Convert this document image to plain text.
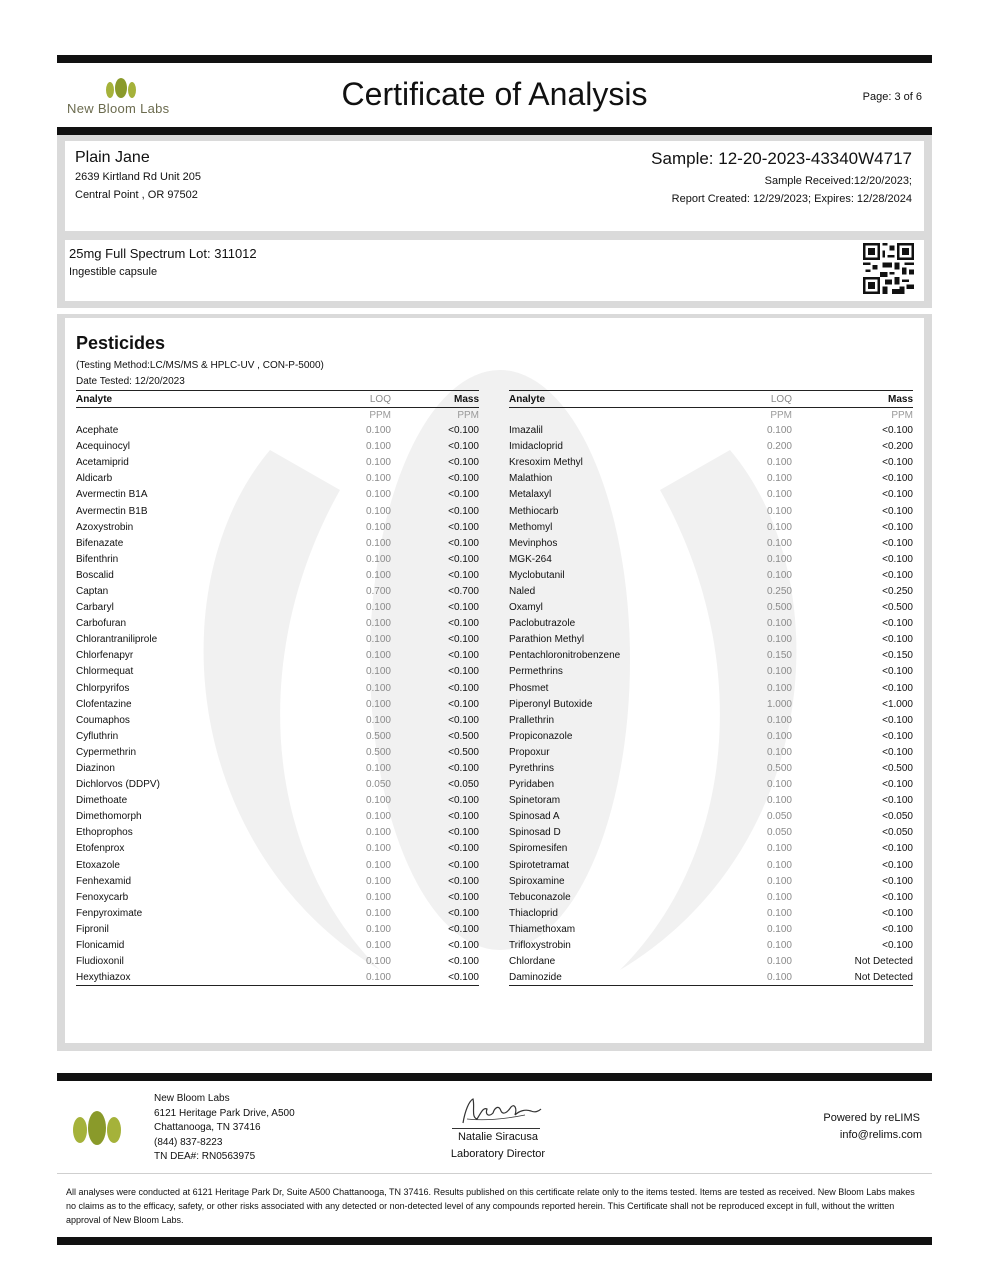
New Bloom Labs	Certificate of Analysis	Page: 3 of 6
Plain Jane
2639 Kirtland Rd Unit 205
Central Point , OR 97502
Sample: 12-20-2023-43340W4717
Sample Received:12/20/2023;
Report Created: 12/29/2023; Expires: 12/28/2024
25mg Full Spectrum Lot: 311012
Ingestible capsule
Pesticides
(Testing Method:LC/MS/MS & HPLC-UV , CON-P-5000)
Date Tested: 12/20/2023
Analyte	LOQ	Mass
	PPM	PPM
Acephate	0.100	<0.100
Acequinocyl	0.100	<0.100
Acetamiprid	0.100	<0.100
Aldicarb	0.100	<0.100
Avermectin B1A	0.100	<0.100
Avermectin B1B	0.100	<0.100
Azoxystrobin	0.100	<0.100
Bifenazate	0.100	<0.100
Bifenthrin	0.100	<0.100
Boscalid	0.100	<0.100
Captan	0.700	<0.700
Carbaryl	0.100	<0.100
Carbofuran	0.100	<0.100
Chlorantraniliprole	0.100	<0.100
Chlorfenapyr	0.100	<0.100
Chlormequat	0.100	<0.100
Chlorpyrifos	0.100	<0.100
Clofentazine	0.100	<0.100
Coumaphos	0.100	<0.100
Cyfluthrin	0.500	<0.500
Cypermethrin	0.500	<0.500
Diazinon	0.100	<0.100
Dichlorvos (DDPV)	0.050	<0.050
Dimethoate	0.100	<0.100
Dimethomorph	0.100	<0.100
Ethoprophos	0.100	<0.100
Etofenprox	0.100	<0.100
Etoxazole	0.100	<0.100
Fenhexamid	0.100	<0.100
Fenoxycarb	0.100	<0.100
Fenpyroximate	0.100	<0.100
Fipronil	0.100	<0.100
Flonicamid	0.100	<0.100
Fludioxonil	0.100	<0.100
Hexythiazox	0.100	<0.100
Analyte	LOQ	Mass
	PPM	PPM
Imazalil	0.100	<0.100
Imidacloprid	0.200	<0.200
Kresoxim Methyl	0.100	<0.100
Malathion	0.100	<0.100
Metalaxyl	0.100	<0.100
Methiocarb	0.100	<0.100
Methomyl	0.100	<0.100
Mevinphos	0.100	<0.100
MGK-264	0.100	<0.100
Myclobutanil	0.100	<0.100
Naled	0.250	<0.250
Oxamyl	0.500	<0.500
Paclobutrazole	0.100	<0.100
Parathion Methyl	0.100	<0.100
Pentachloronitrobenzene	0.150	<0.150
Permethrins	0.100	<0.100
Phosmet	0.100	<0.100
Piperonyl Butoxide	1.000	<1.000
Prallethrin	0.100	<0.100
Propiconazole	0.100	<0.100
Propoxur	0.100	<0.100
Pyrethrins	0.500	<0.500
Pyridaben	0.100	<0.100
Spinetoram	0.100	<0.100
Spinosad A	0.050	<0.050
Spinosad D	0.050	<0.050
Spiromesifen	0.100	<0.100
Spirotetramat	0.100	<0.100
Spiroxamine	0.100	<0.100
Tebuconazole	0.100	<0.100
Thiacloprid	0.100	<0.100
Thiamethoxam	0.100	<0.100
Trifloxystrobin	0.100	<0.100
Chlordane	0.100	Not Detected
Daminozide	0.100	Not Detected
New Bloom Labs
6121 Heritage Park Drive, A500
Chattanooga, TN 37416
(844) 837-8223
TN DEA#: RN0563975
Natalie Siracusa
Laboratory Director
Powered by reLIMS
info@relims.com
All analyses were conducted at 6121 Heritage Park Dr, Suite A500 Chattanooga, TN 37416. Results published on this certificate relate only to the items tested. Items are tested as received. New Bloom Labs makes no claims as to the efficacy, safety, or other risks associated with any detected or non-detected level of any compounds reported herein. This Certificate shall not be reproduced except in full, without the written approval of New Bloom Labs.
